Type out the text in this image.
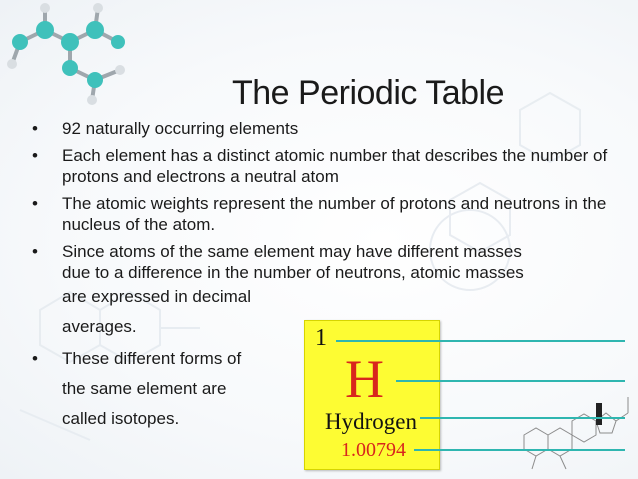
The Periodic Table
• 92 naturally occurring elements
• Each element has a distinct atomic number that describes the number of protons and electrons a neutral atom
• The atomic weights represent the number of protons and neutrons in the nucleus of the atom.
• Since atoms of the same element may have different masses
due to a difference in the number of neutrons, atomic masses
are expressed in decimal
averages.
• These different forms of
the same element are
called isotopes.
1
H
Hydrogen
1.00794
